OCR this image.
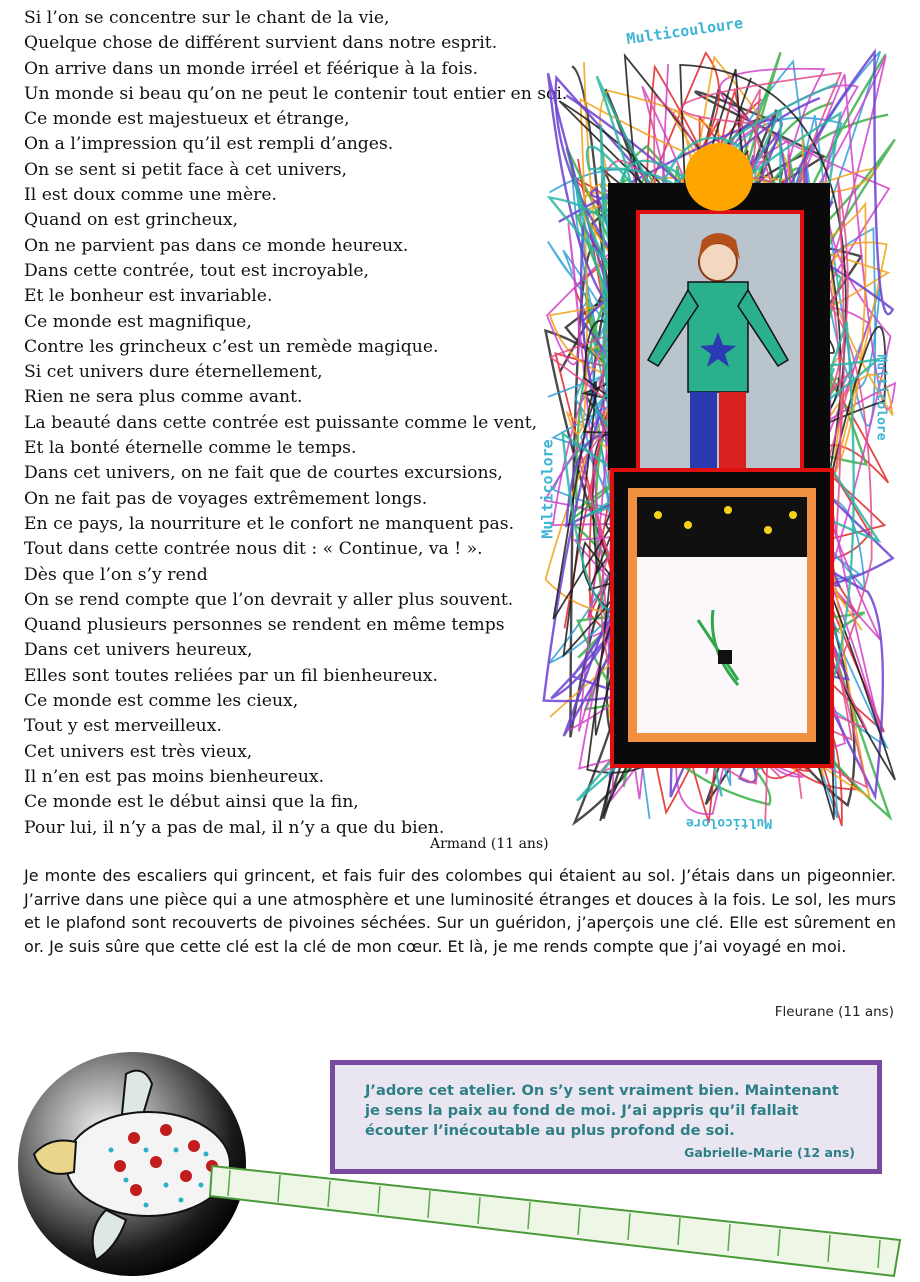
Si l’on se concentre sur le chant de la vie,
Quelque chose de différent survient dans notre esprit.
On arrive dans un monde irréel et féérique à la fois.
Un monde si beau qu’on ne peut le contenir tout entier en soi.
Ce monde est majestueux et étrange,
On a l’impression qu’il est rempli d’anges.
On se sent si petit face à cet univers,
Il est doux comme une mère.
Quand on est grincheux,
On ne parvient pas dans ce monde heureux.
Dans cette contrée, tout est incroyable,
Et le bonheur est invariable.
Ce monde est magnifique,
Contre les grincheux c’est un remède magique.
Si cet univers dure éternellement,
Rien ne sera plus comme avant.
La beauté dans cette contrée est puissante comme le vent,
Et la bonté éternelle comme le temps.
Dans cet univers, on ne fait que de courtes excursions,
On ne fait pas de voyages extrêmement longs.
En ce pays, la nourriture et le confort ne manquent pas.
Tout dans cette contrée nous dit : « Continue, va ! ».
Dès que l’on s’y rend
On se rend compte que l’on devrait y aller plus souvent.
Quand plusieurs personnes se rendent en même temps
Dans cet univers heureux,
Elles sont toutes reliées par un fil bienheureux.
Ce monde est comme les cieux,
Tout y est merveilleux.
Cet univers est très vieux,
Il n’en est pas moins bienheureux.
Ce monde est le début ainsi que la fin,
Pour lui, il n’y a pas de mal, il n’y a que du bien.
Armand (11 ans)
Multicouloure
Multicolore
Multicolore
Multicolore

Je monte des escaliers qui grincent, et fais fuir des colombes qui étaient au sol. J’étais dans un pigeonnier. J’arrive dans une pièce qui a une atmosphère et une luminosité étranges et douces à la fois. Le sol, les murs et le plafond sont recouverts de pivoines séchées. Sur un guéridon, j’aperçois une clé. Elle est sûrement en or. Je suis sûre que cette clé est la clé de mon cœur. Et là, je me rends compte que j’ai voyagé en moi.

Fleurane (11 ans)

J’adore cet atelier. On s’y sent vraiment bien. Maintenant je sens la paix au fond de moi. J’ai appris qu’il fallait écouter l’inécoutable au plus profond de soi.

Gabrielle-Marie (12 ans)
